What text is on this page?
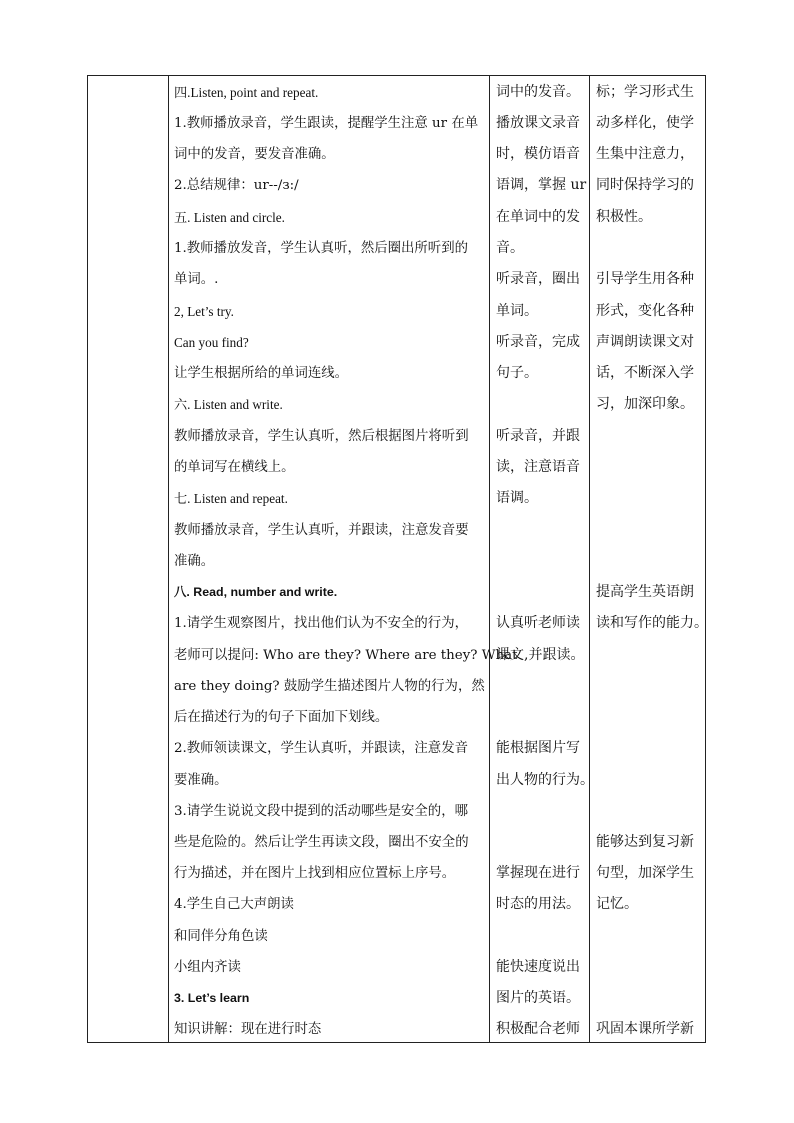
四.Listen, point and repeat.
1.教师播放录音，学生跟读，提醒学生注意 ur 在单
词中的发音，要发音准确。
2.总结规律：ur--/з:/
五. Listen and circle.
1.教师播放发音，学生认真听，然后圈出所听到的
单词。.
2, Let’s try.
Can you find?
让学生根据所给的单词连线。
六. Listen and write.
教师播放录音，学生认真听，然后根据图片将听到
的单词写在横线上。
七. Listen and repeat.
教师播放录音，学生认真听，并跟读，注意发音要
准确。
八. Read, number and write.
1.请学生观察图片，找出他们认为不安全的行为，
老师可以提问: Who are they? Where are they? What
are they doing? 鼓励学生描述图片人物的行为，然
后在描述行为的句子下面加下划线。
2.教师领读课文，学生认真听，并跟读，注意发音
要准确。
3.请学生说说文段中提到的活动哪些是安全的，哪
些是危险的。然后让学生再读文段，圈出不安全的
行为描述，并在图片上找到相应位置标上序号。
4.学生自己大声朗读
和同伴分角色读
小组内齐读
3. Let’s learn
知识讲解：现在进行时态
词中的发音。
播放课文录音
时，模仿语音
语调，掌握 ur
在单词中的发
音。
听录音，圈出
单词。
听录音，完成
句子。
听录音，并跟
读，注意语音
语调。
认真听老师读
课文,并跟读。
能根据图片写
出人物的行为。
掌握现在进行
时态的用法。
能快速度说出
图片的英语。
积极配合老师
标；学习形式生
动多样化，使学
生集中注意力，
同时保持学习的
积极性。
引导学生用各种
形式，变化各种
声调朗读课文对
话，不断深入学
习，加深印象。
提高学生英语朗
读和写作的能力。
能够达到复习新
句型，加深学生
记忆。
巩固本课所学新
